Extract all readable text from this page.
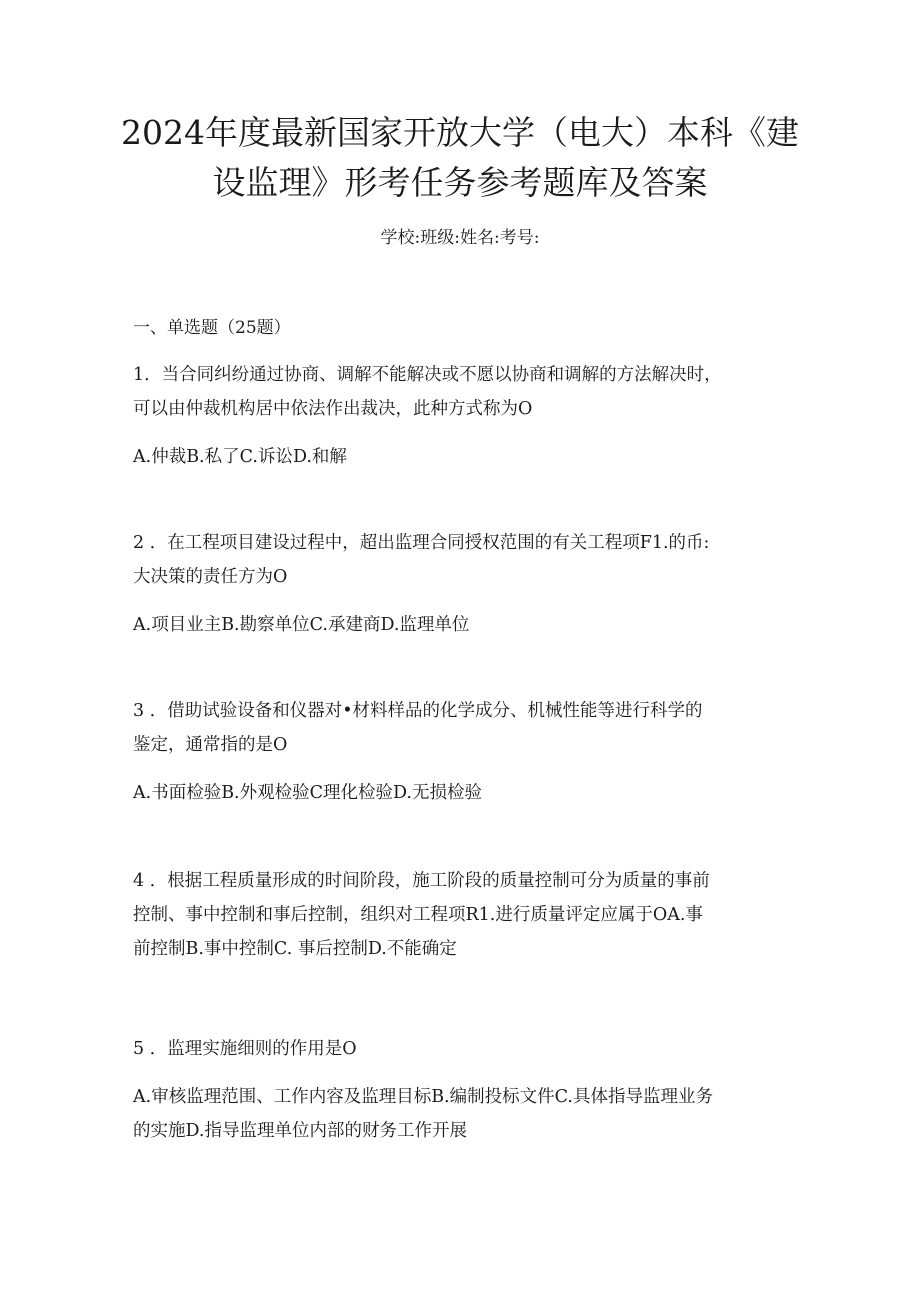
2024年度最新国家开放大学（电大）本科《建
设监理》形考任务参考题库及答案
学校:班级:姓名:考号:
一、单选题（25题）

1．当合同纠纷通过协商、调解不能解决或不愿以协商和调解的方法解决时，
可以由仲裁机构居中依法作出裁决，此种方式称为O

A.仲裁B.私了C.诉讼D.和解

2 ．在工程项目建设过程中，超出监理合同授权范围的有关工程项F1.的币:
大决策的责任方为O

A.项目业主B.勘察单位C.承建商D.监理单位

3 ．借助试验设备和仪器对•材料样品的化学成分、机械性能等进行科学的
鉴定，通常指的是O

A.书面检验B.外观检验C理化检验D.无损检验

4 ．根据工程质量形成的时间阶段，施工阶段的质量控制可分为质量的事前
控制、事中控制和事后控制，组织对工程项R1.进行质量评定应属于OA.事
前控制B.事中控制C. 事后控制D.不能确定

5 ．监理实施细则的作用是O

A.审核监理范围、工作内容及监理目标B.编制投标文件C.具体指导监理业务
的实施D.指导监理单位内部的财务工作开展
